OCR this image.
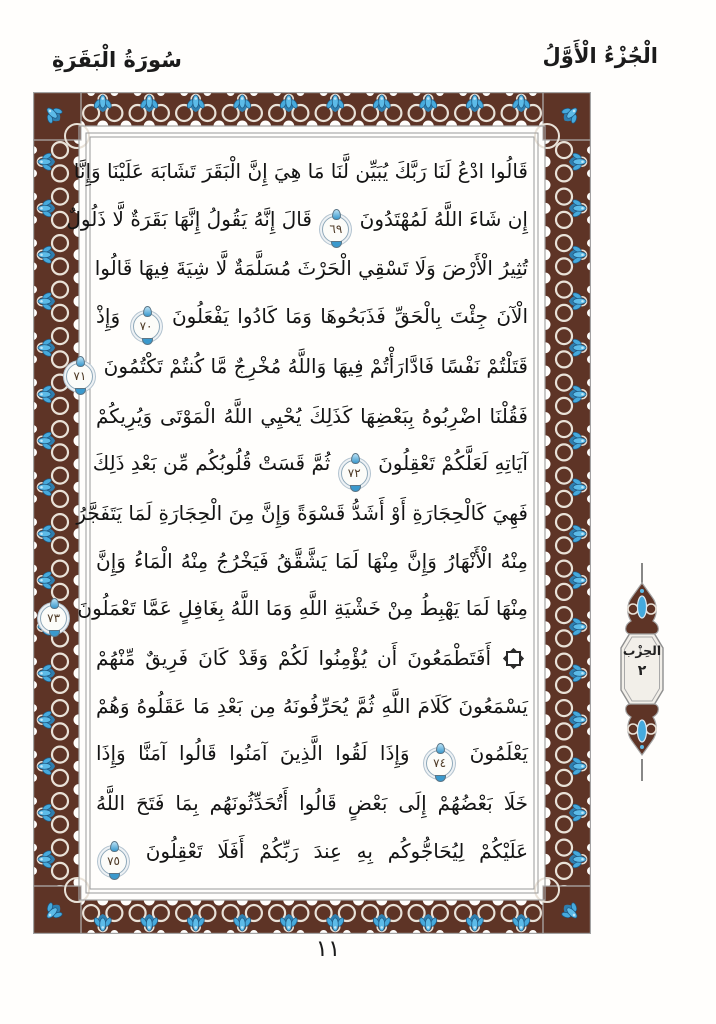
الْجُزْءُ الْأَوَّلُ
سُورَةُ الْبَقَرَةِ
قَالُوا ادْعُ لَنَا رَبَّكَ يُبَيِّن لَّنَا مَا هِيَ إِنَّ الْبَقَرَ تَشَابَهَ عَلَيْنَا وَإِنَّا
إِن شَاءَ اللَّهُ لَمُهْتَدُونَ
٦٩
قَالَ إِنَّهُ يَقُولُ إِنَّهَا بَقَرَةٌ لَّا ذَلُولٌ
تُثِيرُ الْأَرْضَ وَلَا تَسْقِي الْحَرْثَ مُسَلَّمَةٌ لَّا شِيَةَ فِيهَا قَالُوا
الْآنَ جِئْتَ بِالْحَقِّ فَذَبَحُوهَا وَمَا كَادُوا يَفْعَلُونَ
٧٠
وَإِذْ
قَتَلْتُمْ نَفْسًا فَادَّارَأْتُمْ فِيهَا وَاللَّهُ مُخْرِجٌ مَّا كُنتُمْ تَكْتُمُونَ
٧١
فَقُلْنَا اضْرِبُوهُ بِبَعْضِهَا كَذَلِكَ يُحْيِي اللَّهُ الْمَوْتَى وَيُرِيكُمْ
آيَاتِهِ لَعَلَّكُمْ تَعْقِلُونَ
٧٢
ثُمَّ قَسَتْ قُلُوبُكُم مِّن بَعْدِ ذَلِكَ
فَهِيَ كَالْحِجَارَةِ أَوْ أَشَدُّ قَسْوَةً وَإِنَّ مِنَ الْحِجَارَةِ لَمَا يَتَفَجَّرُ
مِنْهُ الْأَنْهَارُ وَإِنَّ مِنْهَا لَمَا يَشَّقَّقُ فَيَخْرُجُ مِنْهُ الْمَاءُ وَإِنَّ
مِنْهَا لَمَا يَهْبِطُ مِنْ خَشْيَةِ اللَّهِ وَمَا اللَّهُ بِغَافِلٍ عَمَّا تَعْمَلُونَ
٧٣
أَفَتَطْمَعُونَ أَن يُؤْمِنُوا لَكُمْ وَقَدْ كَانَ فَرِيقٌ مِّنْهُمْ
يَسْمَعُونَ كَلَامَ اللَّهِ ثُمَّ يُحَرِّفُونَهُ مِن بَعْدِ مَا عَقَلُوهُ وَهُمْ
يَعْلَمُونَ
٧٤
وَإِذَا لَقُوا الَّذِينَ آمَنُوا قَالُوا آمَنَّا وَإِذَا
خَلَا بَعْضُهُمْ إِلَى بَعْضٍ قَالُوا أَتُحَدِّثُونَهُم بِمَا فَتَحَ اللَّهُ
عَلَيْكُمْ لِيُحَاجُّوكُم بِهِ عِندَ رَبِّكُمْ أَفَلَا تَعْقِلُونَ
٧٥
الحِزْب
٢
١١
